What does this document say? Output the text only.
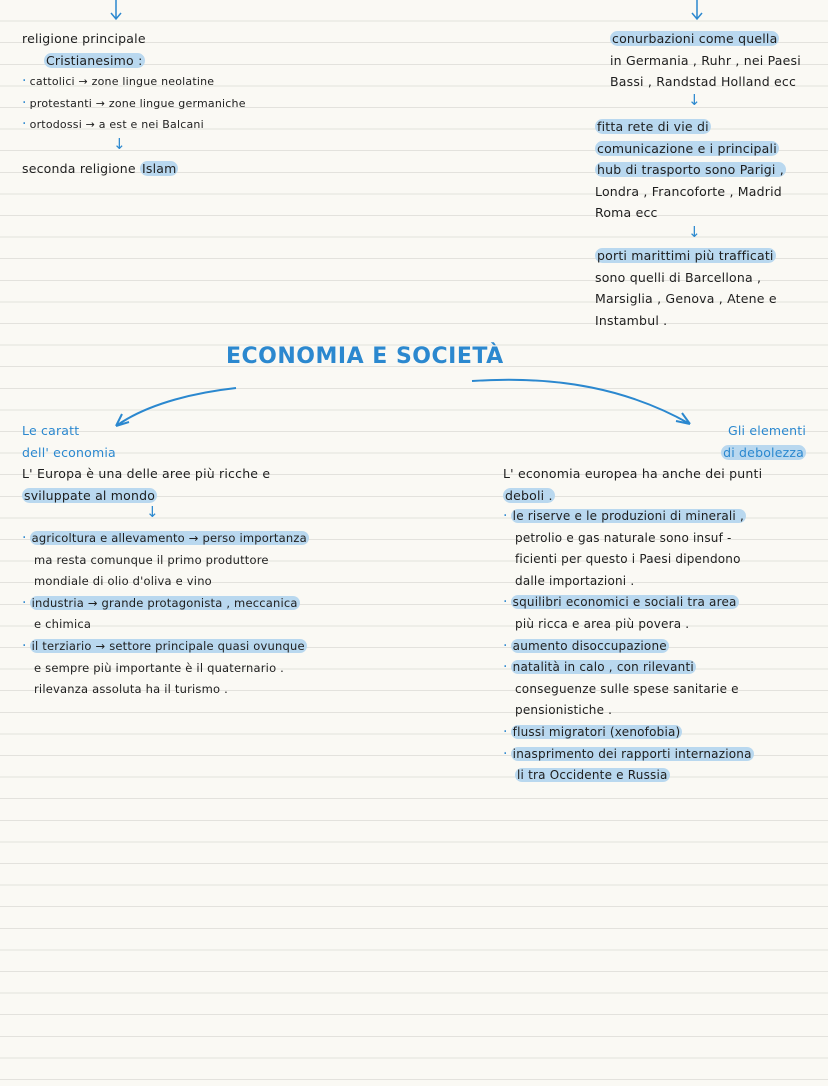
religione principale
Cristianesimo :
· cattolici → zone lingue neolatine
· protestanti → zone lingue germaniche
· ortodossi → a est e nei Balcani
↓
seconda religione Islam
conurbazioni come quella
in Germania , Ruhr , nei Paesi
Bassi , Randstad Holland ecc
↓
fitta rete di vie di
comunicazione e i principali
hub di trasporto sono Parigi ,
Londra , Francoforte , Madrid
Roma ecc
↓
porti marittimi più trafficati
sono quelli di Barcellona ,
Marsiglia , Genova , Atene e
Instambul .
ECONOMIA E SOCIETÀ
Le caratt
dell' economia
L' Europa è una delle aree più ricche e
sviluppate al mondo
↓
· agricoltura e allevamento → perso importanza
ma resta comunque il primo produttore
mondiale di olio d'oliva e vino
· industria → grande protagonista , meccanica
e chimica
· il terziario → settore principale quasi ovunque
e sempre più importante è il quaternario .
rilevanza assoluta ha il turismo .
Gli elementi
di debolezza
L' economia europea ha anche dei punti
deboli .
· le riserve e le produzioni di minerali ,
petrolio e gas naturale sono insuf -
ficienti per questo i Paesi dipendono
dalle importazioni .
· squilibri economici e sociali tra area
più ricca e area più povera .
· aumento disoccupazione
· natalità in calo , con rilevanti
conseguenze sulle spese sanitarie e
pensionistiche .
· flussi migratori (xenofobia)
· inasprimento dei rapporti internaziona
li tra Occidente e Russia
